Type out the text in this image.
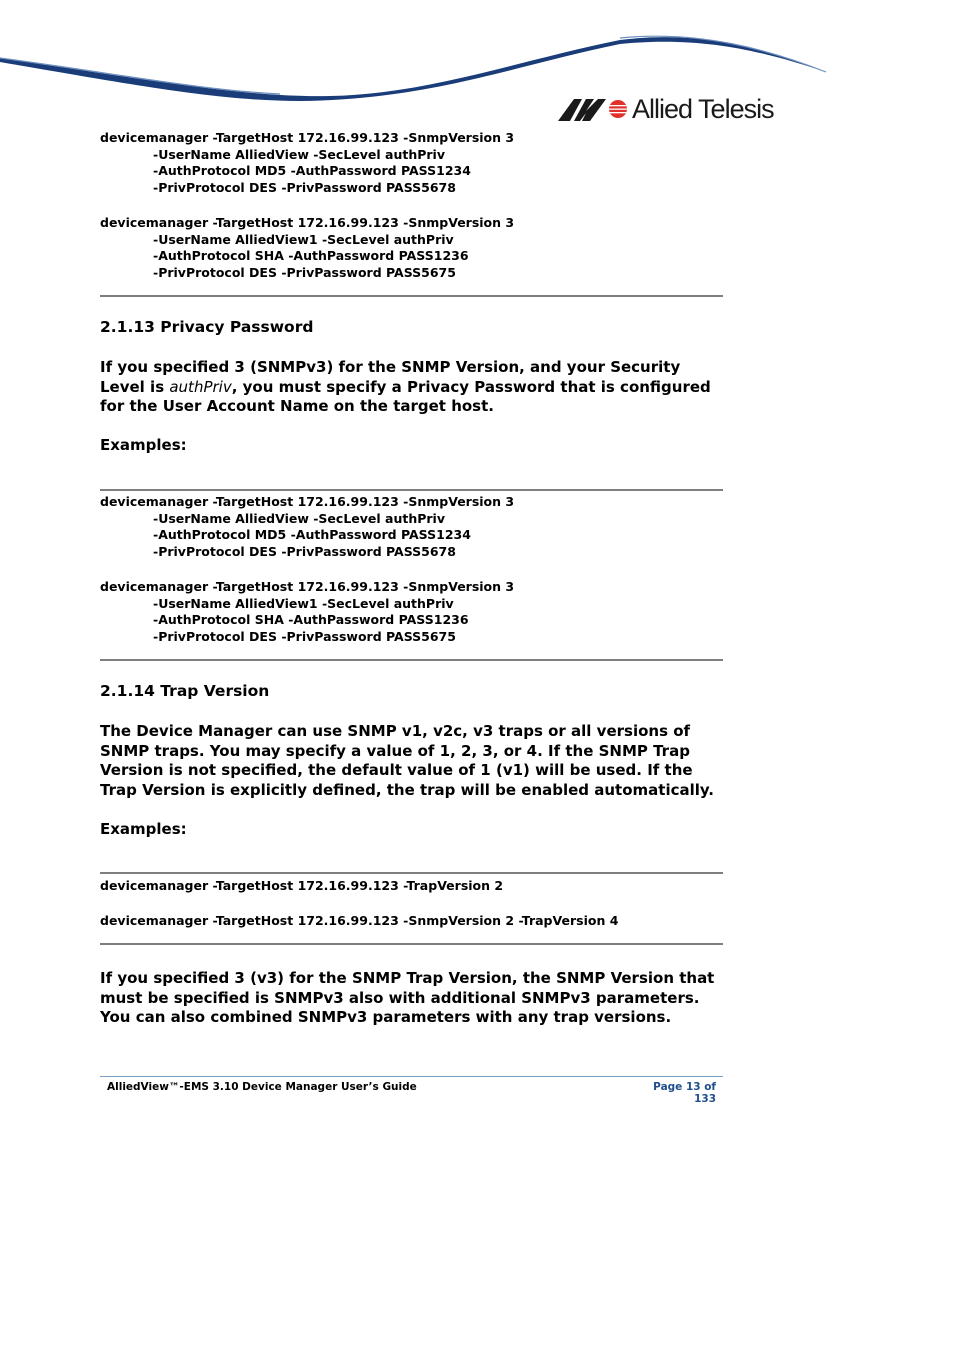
Allied Telesis
devicemanager -TargetHost 172.16.99.123 -SnmpVersion 3
-UserName AlliedView -SecLevel authPriv
-AuthProtocol MD5 -AuthPassword PASS1234
-PrivProtocol DES -PrivPassword PASS5678
devicemanager -TargetHost 172.16.99.123 -SnmpVersion 3
-UserName AlliedView1 -SecLevel authPriv
-AuthProtocol SHA -AuthPassword PASS1236
-PrivProtocol DES -PrivPassword PASS5675
2.1.13 Privacy Password
If you specified 3 (SNMPv3) for the SNMP Version, and your Security Level is authPriv, you must specify a Privacy Password that is configured for the User Account Name on the target host.
Examples:
devicemanager -TargetHost 172.16.99.123 -SnmpVersion 3
-UserName AlliedView -SecLevel authPriv
-AuthProtocol MD5 -AuthPassword PASS1234
-PrivProtocol DES -PrivPassword PASS5678
devicemanager -TargetHost 172.16.99.123 -SnmpVersion 3
-UserName AlliedView1 -SecLevel authPriv
-AuthProtocol SHA -AuthPassword PASS1236
-PrivProtocol DES -PrivPassword PASS5675
2.1.14 Trap Version
The Device Manager can use SNMP v1, v2c, v3 traps or all versions of SNMP traps. You may specify a value of 1, 2, 3, or 4. If the SNMP Trap Version is not specified, the default value of 1 (v1) will be used. If the Trap Version is explicitly defined, the trap will be enabled automatically.
Examples:
devicemanager -TargetHost 172.16.99.123 -TrapVersion 2
devicemanager -TargetHost 172.16.99.123 -SnmpVersion 2 -TrapVersion 4
If you specified 3 (v3) for the SNMP Trap Version, the SNMP Version that must be specified is SNMPv3 also with additional SNMPv3 parameters. You can also combined SNMPv3 parameters with any trap versions.
AlliedView™-EMS 3.10 Device Manager User’s Guide	Page 13 of 133
